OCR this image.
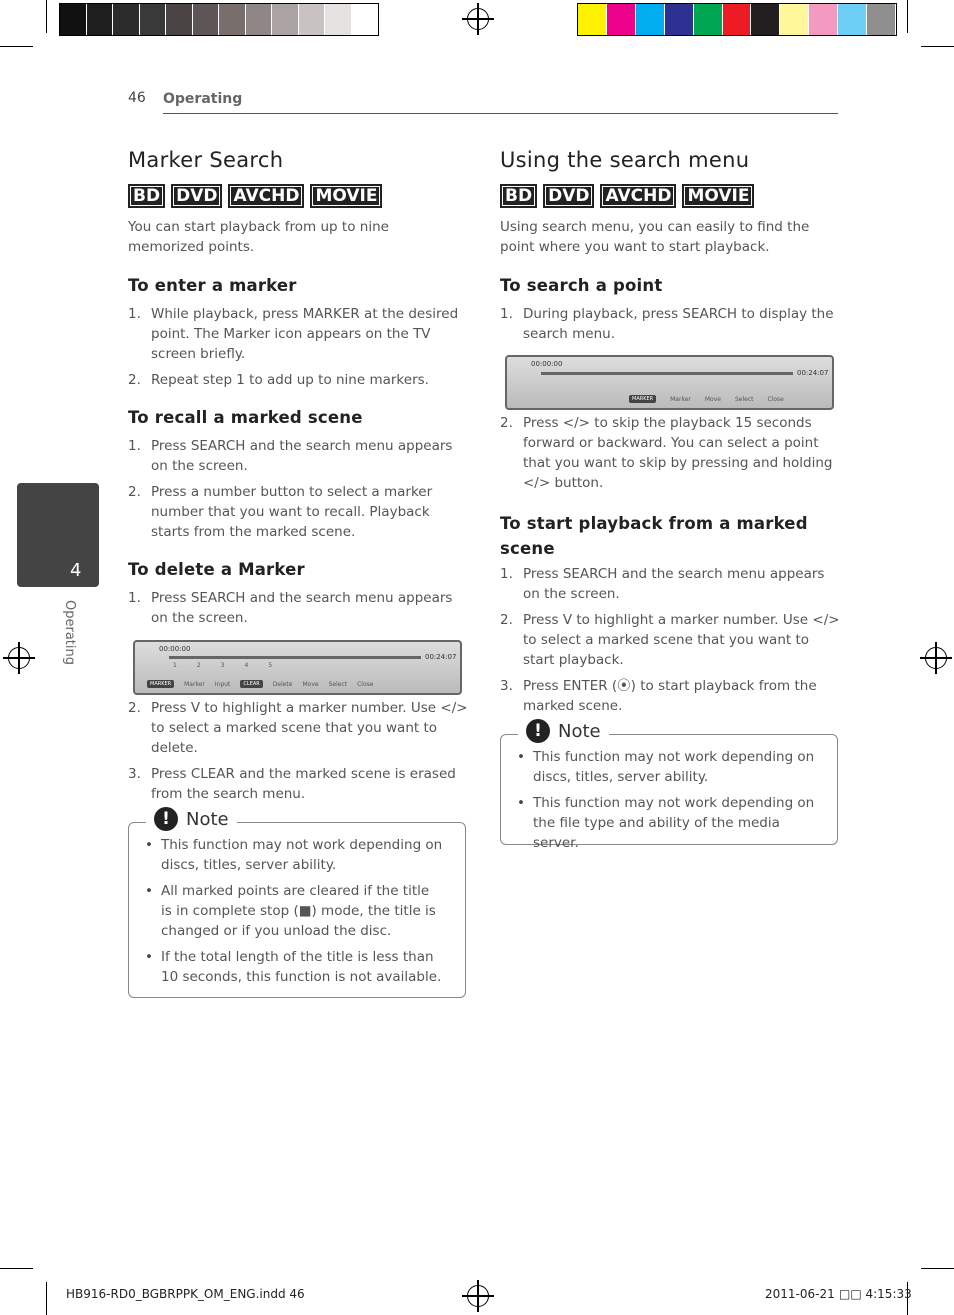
46 Operating
4
Operating
Marker Search
BD DVD AVCHD MOVIE
You can start playback from up to nine memorized points.
To enter a marker
1. While playback, press MARKER at the desired point. The Marker icon appears on the TV screen briefly.
2. Repeat step 1 to add up to nine markers.
To recall a marked scene
1. Press SEARCH and the search menu appears on the screen.
2. Press a number button to select a marker number that you want to recall. Playback starts from the marked scene.
To delete a Marker
1. Press SEARCH and the search menu appears on the screen.
00:00:00
00:24:07
1	2	3	4	5
MARKER	Marker Input	CLEAR	Delete Move Select Close
2. Press V to highlight a marker number. Use </> to select a marked scene that you want to delete.
3. Press CLEAR and the marked scene is erased from the search menu.
• This function may not work depending on discs, titles, server ability.
• All marked points are cleared if the title is in complete stop (■) mode, the title is changed or if you unload the disc.
• If the total length of the title is less than 10 seconds, this function is not available.
! Note
Using the search menu
BD DVD AVCHD MOVIE
Using search menu, you can easily to find the point where you want to start playback.
To search a point
1. During playback, press SEARCH to display the search menu.
00:00:00
00:24:07
MARKER	Marker Move Select Close
2. Press </> to skip the playback 15 seconds forward or backward. You can select a point that you want to skip by pressing and holding </> button.
To start playback from a marked scene
1. Press SEARCH and the search menu appears on the screen.
2. Press V to highlight a marker number. Use </> to select a marked scene that you want to start playback.
3. Press ENTER (⦿) to start playback from the marked scene.
• This function may not work depending on discs, titles, server ability.
• This function may not work depending on the file type and ability of the media server.
! Note
HB916-RD0_BGBRPPK_OM_ENG.indd 46	2011-06-21 □□ 4:15:33
